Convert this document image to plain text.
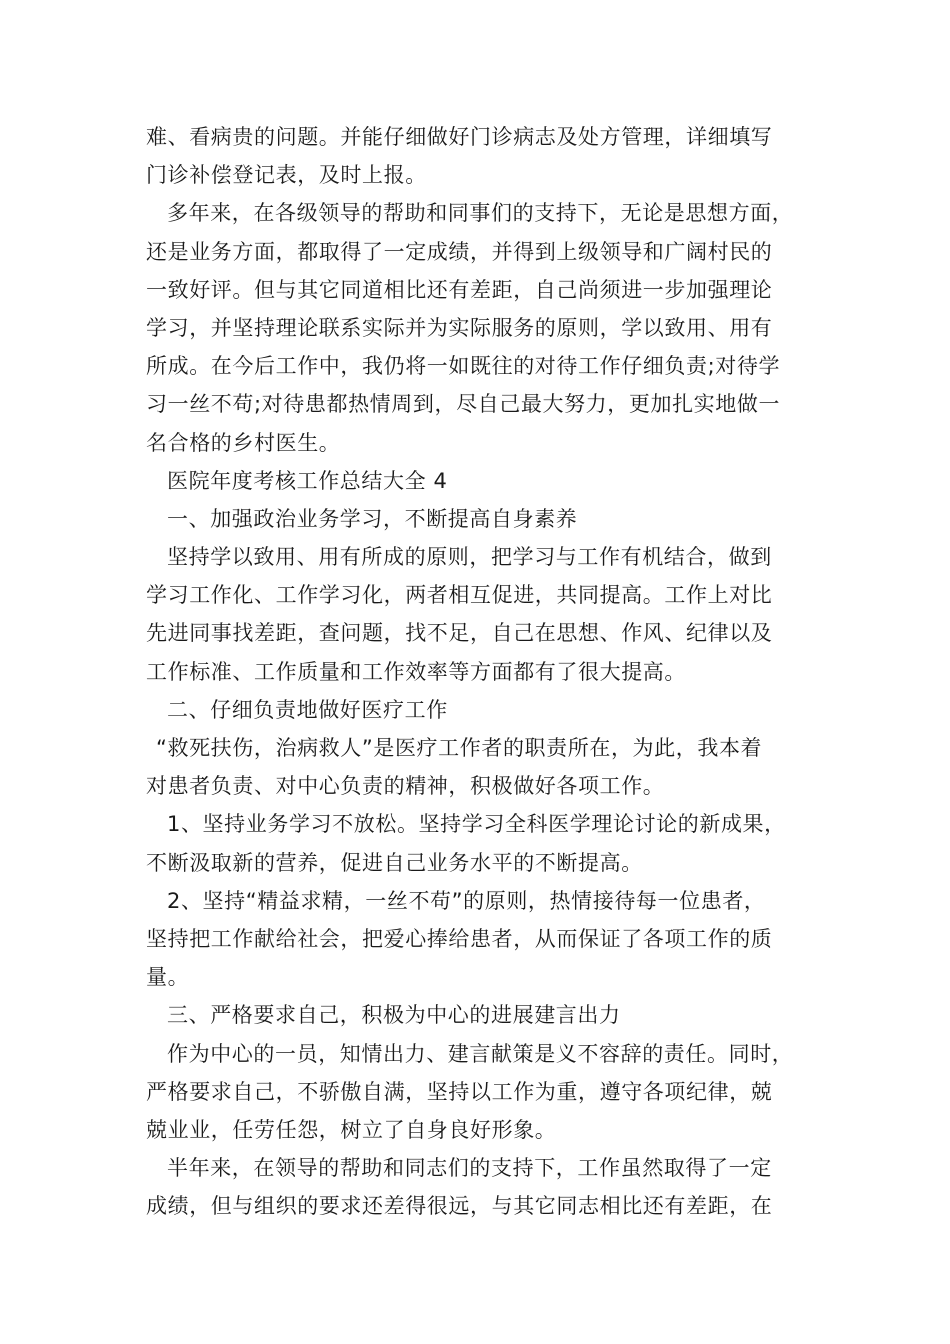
难、看病贵的问题。并能仔细做好门诊病志及处方管理，详细填写
门诊补偿登记表，及时上报。
多年来，在各级领导的帮助和同事们的支持下，无论是思想方面，
还是业务方面，都取得了一定成绩，并得到上级领导和广阔村民的
一致好评。但与其它同道相比还有差距，自己尚须进一步加强理论
学习，并坚持理论联系实际并为实际服务的原则，学以致用、用有
所成。在今后工作中，我仍将一如既往的对待工作仔细负责;对待学
习一丝不苟;对待患都热情周到，尽自己最大努力，更加扎实地做一
名合格的乡村医生。
医院年度考核工作总结大全 4
一、加强政治业务学习，不断提高自身素养
坚持学以致用、用有所成的原则，把学习与工作有机结合，做到
学习工作化、工作学习化，两者相互促进，共同提高。工作上对比
先进同事找差距，查问题，找不足，自己在思想、作风、纪律以及
工作标准、工作质量和工作效率等方面都有了很大提高。
二、仔细负责地做好医疗工作
“救死扶伤，治病救人”是医疗工作者的职责所在，为此，我本着
对患者负责、对中心负责的精神，积极做好各项工作。
1、坚持业务学习不放松。坚持学习全科医学理论讨论的新成果，
不断汲取新的营养，促进自己业务水平的不断提高。
2、坚持“精益求精，一丝不苟”的原则，热情接待每一位患者，
坚持把工作献给社会，把爱心捧给患者，从而保证了各项工作的质
量。
三、严格要求自己，积极为中心的进展建言出力
作为中心的一员，知情出力、建言献策是义不容辞的责任。同时，
严格要求自己，不骄傲自满，坚持以工作为重，遵守各项纪律，兢
兢业业，任劳任怨，树立了自身良好形象。
半年来，在领导的帮助和同志们的支持下，工作虽然取得了一定
成绩，但与组织的要求还差得很远，与其它同志相比还有差距，在
